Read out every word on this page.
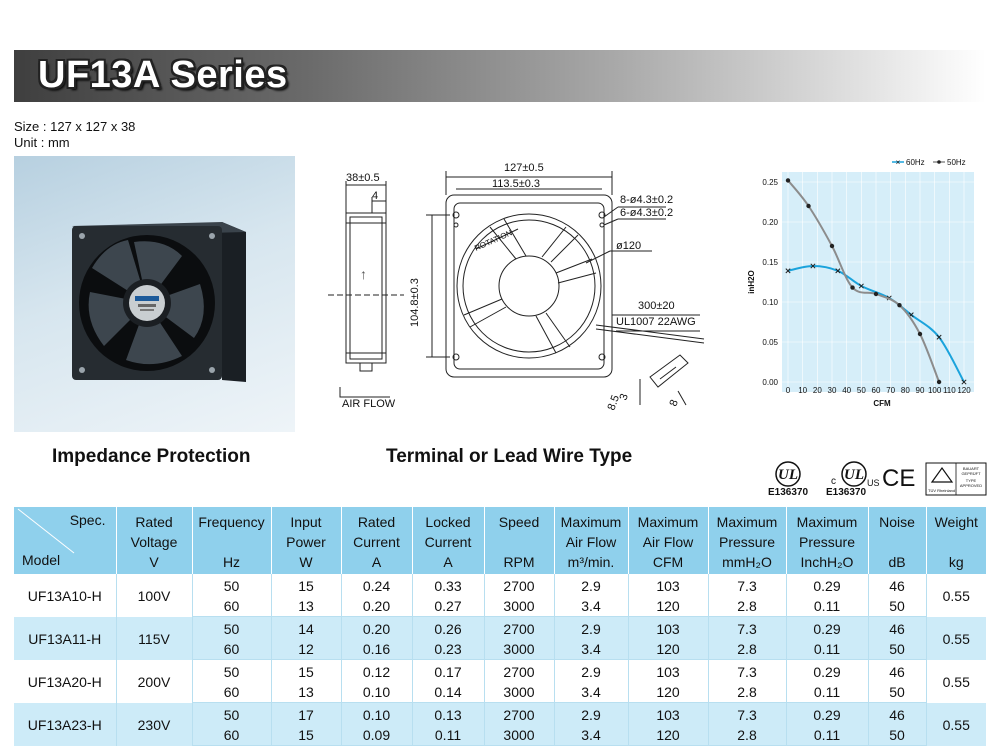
UF13A Series
Size : 127 x 127 x 38
Unit : mm
38±0.5
4
127±0.5
113.5±0.3
104.8±0.3
8-ø4.3±0.2
6-ø4.3±0.2
ø120
ROTATION
300±20
UL1007 22AWG
AIR FLOW	8.5
3
8
↑
Impedance Protection	Terminal or Lead Wire Type
0 10 20 30 40 50 60 70 80 90 100 110 120
0.25
0.20
0.15
0.10
0.05
0.00
× 60Hz	50Hz
CFM
inH2O
UL
E136370
UL
c	US
E136370
CE	TÜV Rheinland
BAUART
GEPRÜFT
TYPE
APPROVED
Spec.
Model	Rated	Frequency	Input	Rated	Locked	Speed	Maximum	Maximum	Maximum	Maximum	Noise	Weight
	Voltage		Power	Current	Current		Air Flow	Air Flow	Pressure	Pressure		
	V	Hz	W	A	A	RPM	m³/min.	CFM	mmH₂O	InchH₂O	dB	kg
UF13A10-H	100V	50	15	0.24	0.33	2700	2.9	103	7.3	0.29	46	0.55
		60	13	0.20	0.27	3000	3.4	120	2.8	0.11	50	
UF13A11-H	115V	50	14	0.20	0.26	2700	2.9	103	7.3	0.29	46	0.55
		60	12	0.16	0.23	3000	3.4	120	2.8	0.11	50	
UF13A20-H	200V	50	15	0.12	0.17	2700	2.9	103	7.3	0.29	46	0.55
		60	13	0.10	0.14	3000	3.4	120	2.8	0.11	50	
UF13A23-H	230V	50	17	0.10	0.13	2700	2.9	103	7.3	0.29	46	0.55
		60	15	0.09	0.11	3000	3.4	120	2.8	0.11	50	
